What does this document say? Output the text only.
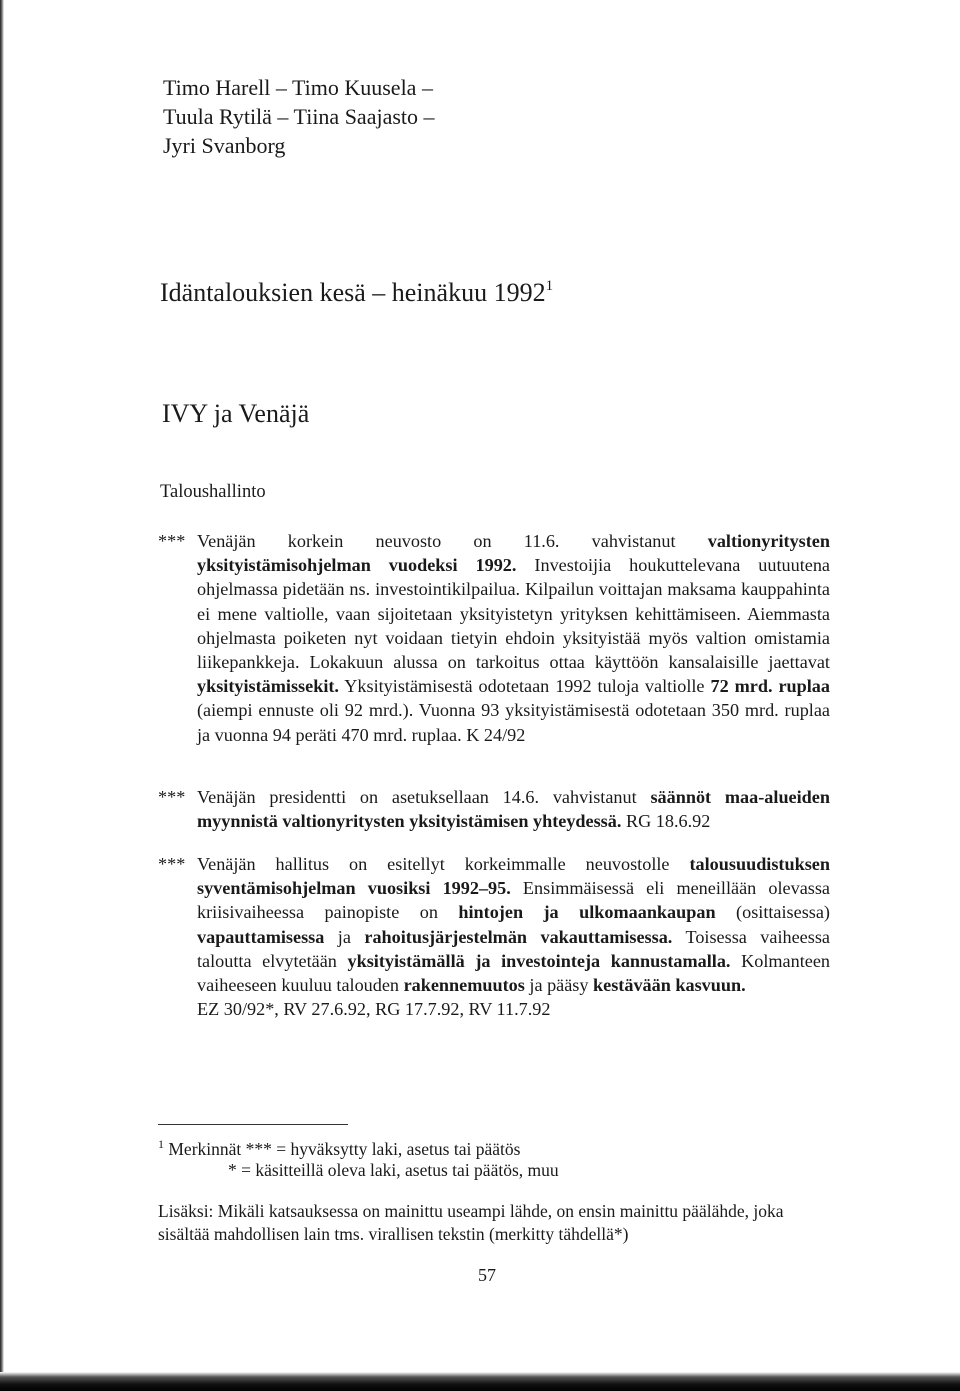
Timo Harell – Timo Kuusela –
Tuula Rytilä – Tiina Saajasto –
Jyri Svanborg
Idäntalouksien kesä – heinäkuu 1992$^1$
IVY ja Venäjä
Taloushallinto
*** Venäjän korkein neuvosto on 11.6. vahvistanut valtionyritysten yksityistämisohjelman vuodeksi 1992. Investoijia houkuttelevana uutuutena ohjelmassa pidetään ns. investointikilpailua. Kilpailun voittajan maksama kauppahinta ei mene valtiolle, vaan sijoitetaan yksityistetyn yrityksen kehittämiseen. Aiemmasta ohjelmasta poiketen nyt voidaan tietyin ehdoin yksityistää myös valtion omistamia liikepankkeja. Lokakuun alussa on tarkoitus ottaa käyttöön kansalaisille jaettavat yksityistämissekit. Yksityistämisestä odotetaan 1992 tuloja valtiolle 72 mrd. ruplaa (aiempi ennuste oli 92 mrd.). Vuonna 93 yksityistämisestä odotetaan 350 mrd. ruplaa ja vuonna 94 peräti 470 mrd. ruplaa. K 24/92

*** Venäjän presidentti on asetuksellaan 14.6. vahvistanut säännöt maa-alueiden myynnistä valtionyritysten yksityistämisen yhteydessä. RG 18.6.92

*** Venäjän hallitus on esitellyt korkeimmalle neuvostolle talousuudistuksen syventämisohjelman vuosiksi 1992–95. Ensimmäisessä eli meneillään olevassa kriisivaiheessa painopiste on hintojen ja ulkomaankaupan (osittaisessa) vapauttamisessa ja rahoitusjärjestelmän vakauttamisessa. Toisessa vaiheessa taloutta elvytetään yksityistämällä ja investointeja kannustamalla. Kolmanteen vaiheeseen kuuluu talouden rakennemuutos ja pääsy kestävään kasvuun.

EZ 30/92*, RV 27.6.92, RG 17.7.92, RV 11.7.92

$^1$ Merkinnät *** = hyväksytty laki, asetus tai päätös
* = käsitteillä oleva laki, asetus tai päätös, muu
Lisäksi: Mikäli katsauksessa on mainittu useampi lähde, on ensin mainittu päälähde, joka sisältää mahdollisen lain tms. virallisen tekstin (merkitty tähdellä*)
57
